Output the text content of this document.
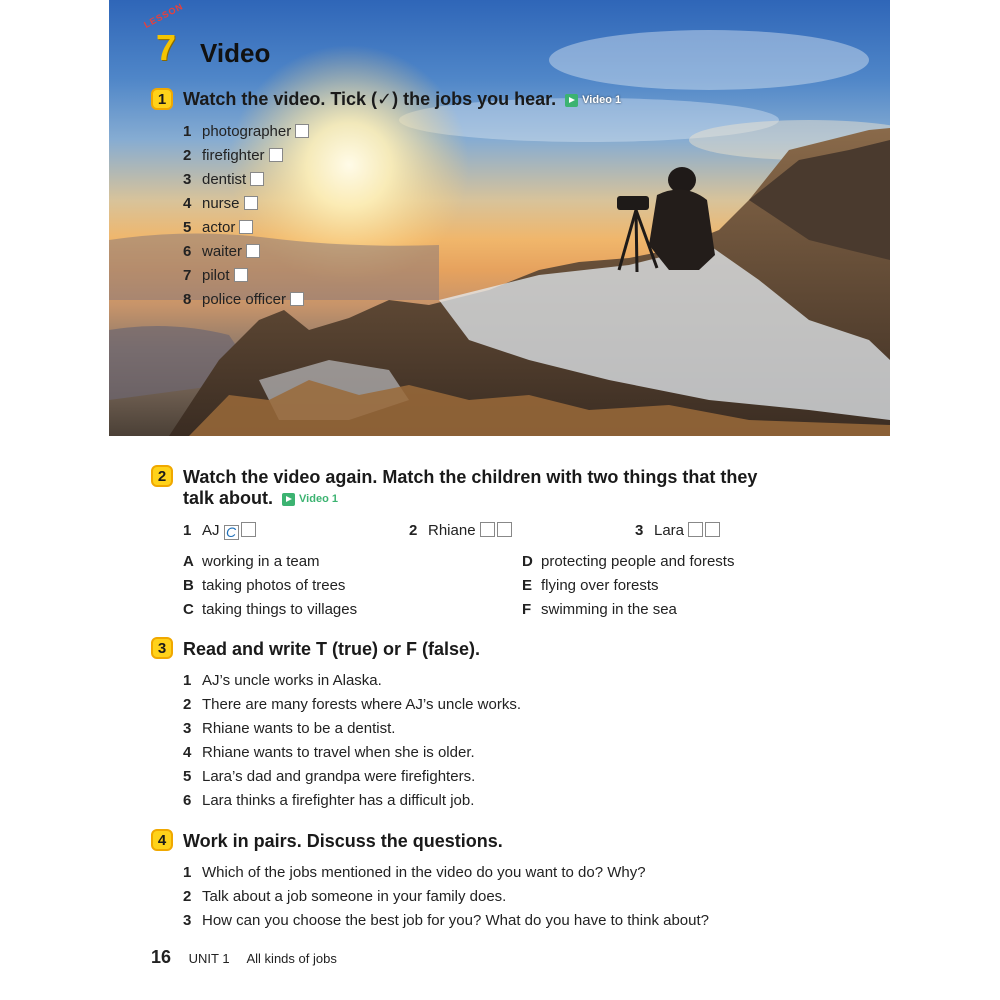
LESSON
7 Video
1 Watch the video. Tick (✓) the jobs you hear. Video 1
1 photographer
2 firefighter
3 dentist
4 nurse
5 actor
6 waiter
7 pilot
8 police officer
2 Watch the video again. Match the children with two things that they
talk about. Video 1
1 AJ C	2 Rhiane	3 Lara
A working in a team
B taking photos of trees
C taking things to villages
D protecting people and forests
E flying over forests
F swimming in the sea
3 Read and write T (true) or F (false).
1 AJ’s uncle works in Alaska.
2 There are many forests where AJ’s uncle works.
3 Rhiane wants to be a dentist.
4 Rhiane wants to travel when she is older.
5 Lara’s dad and grandpa were firefighters.
6 Lara thinks a firefighter has a difficult job.
4 Work in pairs. Discuss the questions.
1 Which of the jobs mentioned in the video do you want to do? Why?
2 Talk about a job someone in your family does.
3 How can you choose the best job for you? What do you have to think about?
16 UNIT 1 All kinds of jobs
